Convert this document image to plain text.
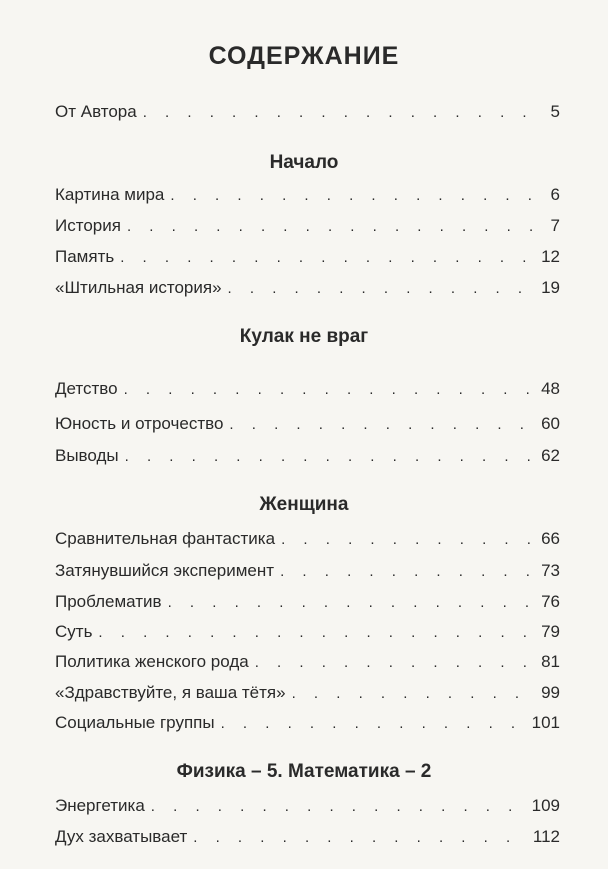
СОДЕРЖАНИЕ
От Автора . . .	5
Начало
Картина мира . . .	6
История . . .	7
Память . . .	12
«Штильная история» . . .	19
Кулак не враг
Детство . . .	48
Юность и отрочество . . .	60
Выводы . . .	62
Женщина
Сравнительная фантастика . . .	66
Затянувшийся эксперимент . . .	73
Проблематив . . .	76
Суть . . .	79
Политика женского рода . . .	81
«Здравствуйте, я ваша тётя» . . .	99
Социальные группы . . .	101
Физика – 5. Математика – 2
Энергетика . . .	109
Дух захватывает . . .	112
